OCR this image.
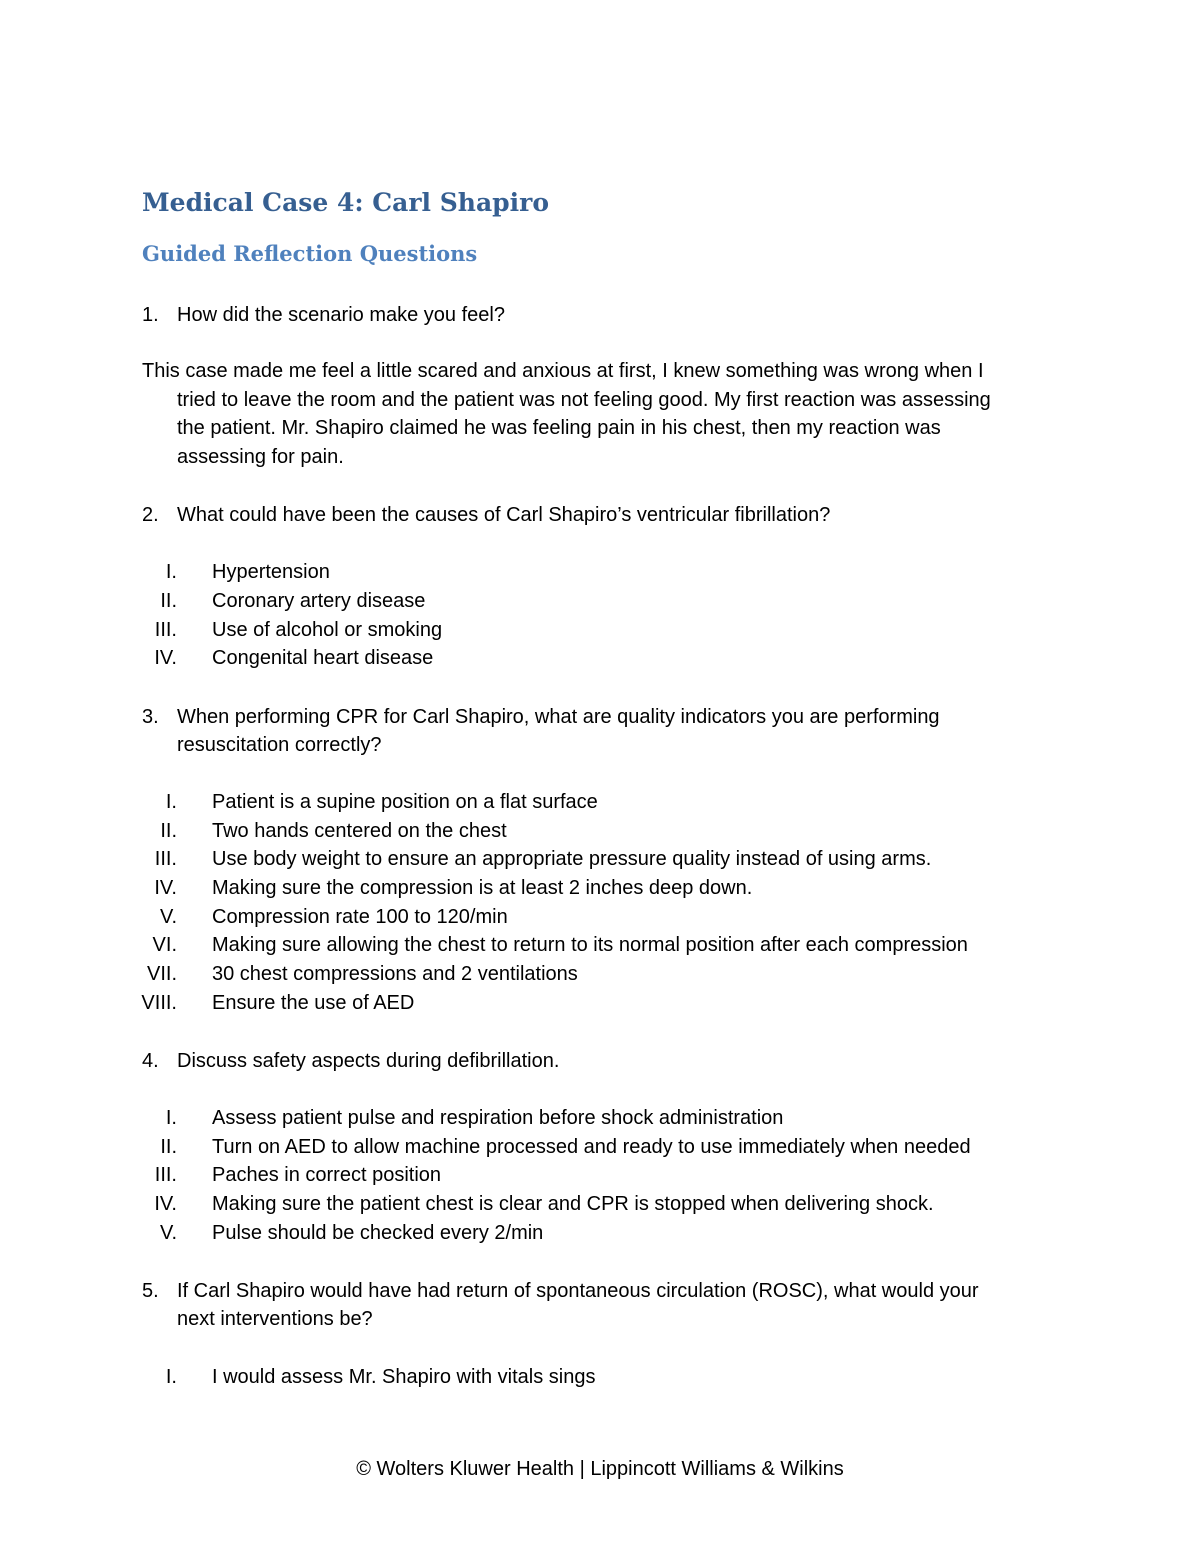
Medical Case 4: Carl Shapiro
Guided Reflection Questions
1. How did the scenario make you feel?
This case made me feel a little scared and anxious at first, I knew something was wrong when I
tried to leave the room and the patient was not feeling good. My first reaction was assessing
the patient. Mr. Shapiro claimed he was feeling pain in his chest, then my reaction was
assessing for pain.
2. What could have been the causes of Carl Shapiro’s ventricular fibrillation?
I. Hypertension
II. Coronary artery disease
III. Use of alcohol or smoking
IV. Congenital heart disease
3. When performing CPR for Carl Shapiro, what are quality indicators you are performing
resuscitation correctly?
I. Patient is a supine position on a flat surface
II. Two hands centered on the chest
III. Use body weight to ensure an appropriate pressure quality instead of using arms.
IV. Making sure the compression is at least 2 inches deep down.
V. Compression rate 100 to 120/min
VI. Making sure allowing the chest to return to its normal position after each compression
VII. 30 chest compressions and 2 ventilations
VIII. Ensure the use of AED
4. Discuss safety aspects during defibrillation.
I. Assess patient pulse and respiration before shock administration
II. Turn on AED to allow machine processed and ready to use immediately when needed
III. Paches in correct position
IV. Making sure the patient chest is clear and CPR is stopped when delivering shock.
V. Pulse should be checked every 2/min
5. If Carl Shapiro would have had return of spontaneous circulation (ROSC), what would your
next interventions be?
I. I would assess Mr. Shapiro with vitals sings
© Wolters Kluwer Health | Lippincott Williams & Wilkins
